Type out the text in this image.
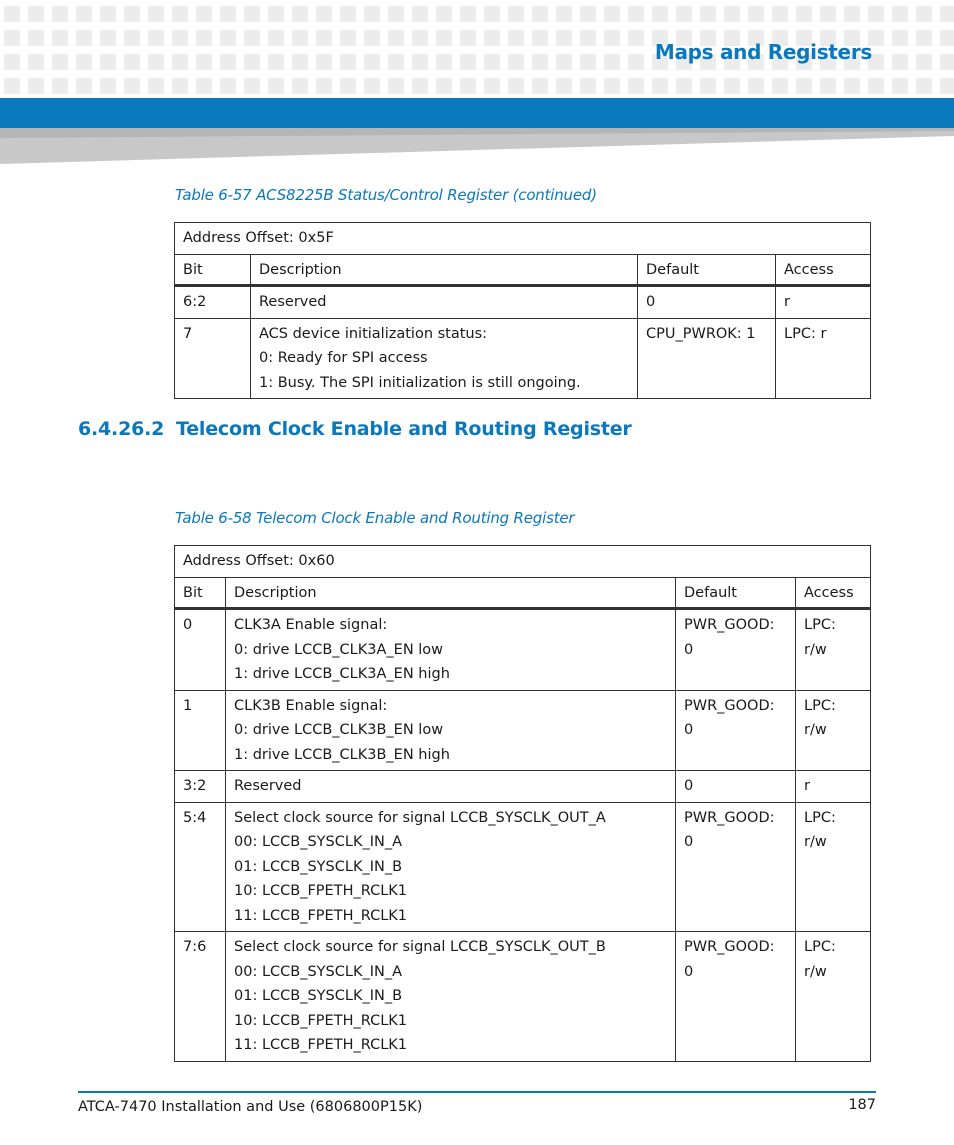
Maps and Registers
Table 6-57 ACS8225B Status/Control Register (continued)
Address Offset: 0x5F			
Bit	Description	Default	Access
6:2	Reserved	0	r
7	ACS device initialization status:
0: Ready for SPI access
1: Busy. The SPI initialization is still ongoing.	CPU_PWROK: 1	LPC: r
6.4.26.2 Telecom Clock Enable and Routing Register
Table 6-58 Telecom Clock Enable and Routing Register
Address Offset: 0x60			
Bit	Description	Default	Access
0	CLK3A Enable signal:
0: drive LCCB_CLK3A_EN low
1: drive LCCB_CLK3A_EN high	PWR_GOOD: 0	LPC: r/w
1	CLK3B Enable signal:
0: drive LCCB_CLK3B_EN low
1: drive LCCB_CLK3B_EN high	PWR_GOOD: 0	LPC: r/w
3:2	Reserved	0	r
5:4	Select clock source for signal LCCB_SYSCLK_OUT_A
00: LCCB_SYSCLK_IN_A
01: LCCB_SYSCLK_IN_B
10: LCCB_FPETH_RCLK1
11: LCCB_FPETH_RCLK1	PWR_GOOD: 0	LPC: r/w
7:6	Select clock source for signal LCCB_SYSCLK_OUT_B
00: LCCB_SYSCLK_IN_A
01: LCCB_SYSCLK_IN_B
10: LCCB_FPETH_RCLK1
11: LCCB_FPETH_RCLK1	PWR_GOOD: 0	LPC: r/w
ATCA-7470 Installation and Use (6806800P15K)	187
